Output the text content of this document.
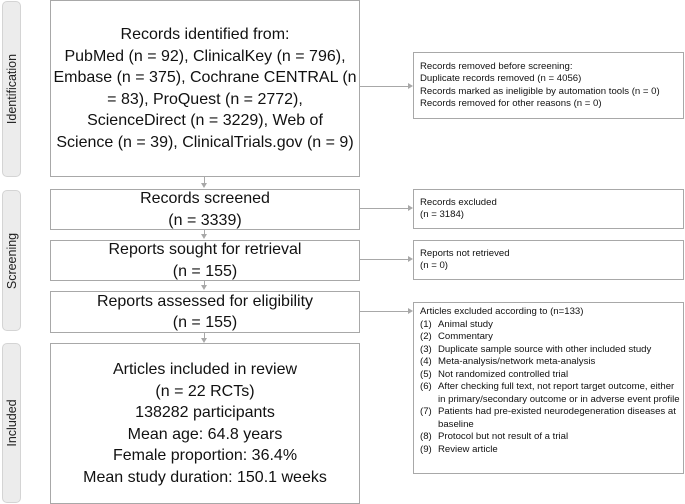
Identification
Screening
Included
Records identified from:
PubMed (n = 92), ClinicalKey (n = 796),
Embase (n = 375), Cochrane CENTRAL (n
= 83), ProQuest (n = 2772),
ScienceDirect (n = 3229), Web of
Science (n = 39), ClinicalTrials.gov (n = 9)
Records removed before screening:
Duplicate records removed (n = 4056)
Records marked as ineligible by automation tools (n = 0)
Records removed for other reasons (n = 0)
Records screened
(n = 3339)
Records excluded
(n = 3184)
Reports sought for retrieval
(n = 155)
Reports not retrieved
(n = 0)
Reports assessed for eligibility
(n = 155)
Articles excluded according to (n=133)
(1) Animal study
(2) Commentary
(3) Duplicate sample source with other included study
(4) Meta-analysis/network meta-analysis
(5) Not randomized controlled trial
(6) After checking full text, not report target outcome, either in primary/secondary outcome or in adverse event profile
(7) Patients had pre-existed neurodegeneration diseases at baseline
(8) Protocol but not result of a trial
(9) Review article
Articles included in review
(n = 22 RCTs)
138282 participants
Mean age: 64.8 years
Female proportion: 36.4%
Mean study duration: 150.1 weeks
